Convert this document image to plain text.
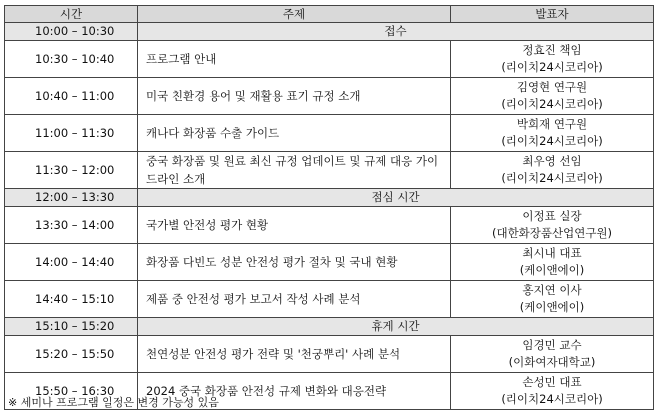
시간	주제	발표자
10:00 – 10:30	접수	
10:30 – 10:40	프로그램 안내	정효진 책임
(리이치24시코리아)

10:40 – 11:00	미국 친환경 용어 및 재활용 표기 규정 소개	김영현 연구원
(리이치24시코리아)

11:00 – 11:30	캐나다 화장품 수출 가이드	박희재 연구원
(리이치24시코리아)

11:30 – 12:00	중국 화장품 및 원료 최신 규정 업데이트 및 규제 대응 가이드라인 소개	최우영 선임
(리이치24시코리아)

12:00 – 13:30	점심 시간	
13:30 – 14:00	국가별 안전성 평가 현황	이정표 실장
(대한화장품산업연구원)

14:00 – 14:40	화장품 다빈도 성분 안전성 평가 절차 및 국내 현황	최시내 대표
(케이앤에이)

14:40 – 15:10	제품 중 안전성 평가 보고서 작성 사례 분석	홍지연 이사
(케이앤에이)

15:10 – 15:20	휴게 시간	
15:20 – 15:50	천연성분 안전성 평가 전략 및 '천궁뿌리' 사례 분석	임경민 교수
(이화여자대학교)

15:50 – 16:30	2024 중국 화장품 안전성 규제 변화와 대응전략	손성민 대표
(리이치24시코리아)
※ 세미나 프로그램 일정은 변경 가능성 있음
